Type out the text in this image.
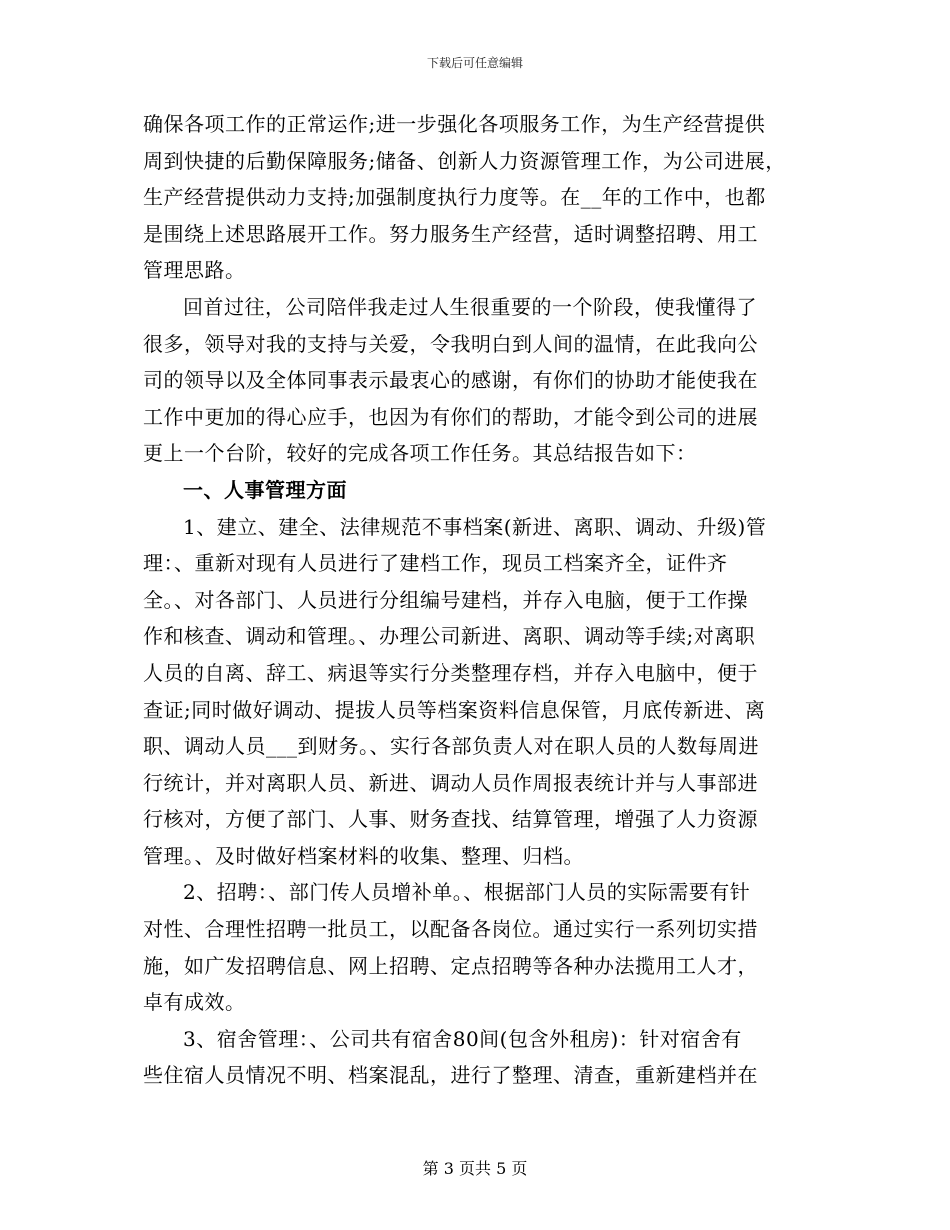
下载后可任意编辑
确保各项工作的正常运作;进一步强化各项服务工作，为生产经营提供
周到快捷的后勤保障服务;储备、创新人力资源管理工作，为公司进展，
生产经营提供动力支持;加强制度执行力度等。在__年的工作中，也都
是围绕上述思路展开工作。努力服务生产经营，适时调整招聘、用工
管理思路。
回首过往，公司陪伴我走过人生很重要的一个阶段，使我懂得了
很多，领导对我的支持与关爱，令我明白到人间的温情，在此我向公
司的领导以及全体同事表示最衷心的感谢，有你们的协助才能使我在
工作中更加的得心应手，也因为有你们的帮助，才能令到公司的进展
更上一个台阶，较好的完成各项工作任务。其总结报告如下：
一、人事管理方面
1、建立、建全、法律规范不事档案(新进、离职、调动、升级)管
理：、重新对现有人员进行了建档工作，现员工档案齐全，证件齐
全。、对各部门、人员进行分组编号建档，并存入电脑，便于工作操
作和核查、调动和管理。、办理公司新进、离职、调动等手续;对离职
人员的自离、辞工、病退等实行分类整理存档，并存入电脑中，便于
查证;同时做好调动、提拔人员等档案资料信息保管，月底传新进、离
职、调动人员___到财务。、实行各部负责人对在职人员的人数每周进
行统计，并对离职人员、新进、调动人员作周报表统计并与人事部进
行核对，方便了部门、人事、财务查找、结算管理，增强了人力资源
管理。、及时做好档案材料的收集、整理、归档。
2、招聘：、部门传人员增补单。、根据部门人员的实际需要有针
对性、合理性招聘一批员工，以配备各岗位。通过实行一系列切实措
施，如广发招聘信息、网上招聘、定点招聘等各种办法揽用工人才，
卓有成效。
3、宿舍管理：、公司共有宿舍80间(包含外租房)：针对宿舍有
些住宿人员情况不明、档案混乱，进行了整理、清查，重新建档并在
第 3 页共 5 页
